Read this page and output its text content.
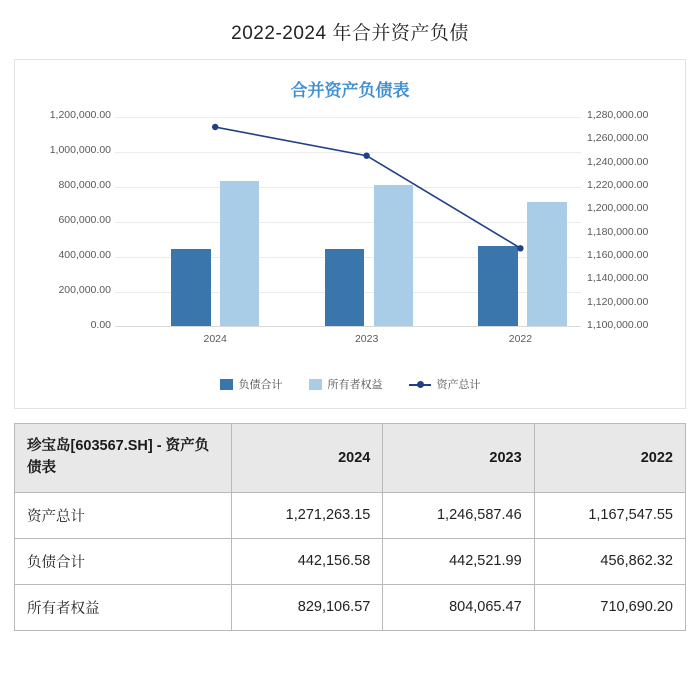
2022-2024 年合并资产负债
合并资产负债表
1,200,000.00
1,000,000.00
800,000.00
600,000.00
400,000.00
200,000.00
0.00
1,280,000.00
1,260,000.00
1,240,000.00
1,220,000.00
1,200,000.00
1,180,000.00
1,160,000.00
1,140,000.00
1,120,000.00
1,100,000.00
2024	2023	2022
负债合计	所有者权益	资产总计
珍宝岛[603567.SH] - 资产负债表	2024	2023	2022
资产总计	1,271,263.15	1,246,587.46	1,167,547.55
负债合计	442,156.58	442,521.99	456,862.32
所有者权益	829,106.57	804,065.47	710,690.20
